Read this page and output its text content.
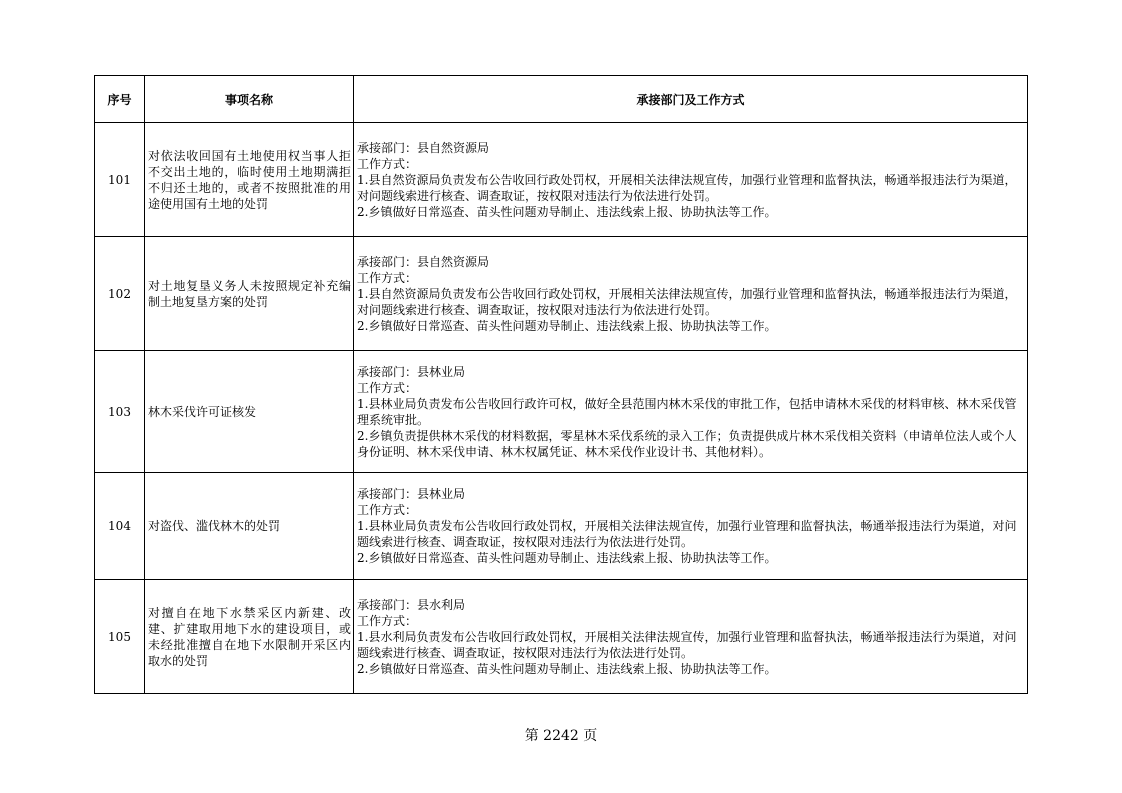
序号	事项名称	承接部门及工作方式
101	对依法收回国有土地使用权当事人拒不交出土地的，临时使用土地期满拒不归还土地的，或者不按照批准的用途使用国有土地的处罚	承接部门：县自然资源局
工作方式：
1.县自然资源局负责发布公告收回行政处罚权，开展相关法律法规宣传，加强行业管理和监督执法，畅通举报违法行为渠道，对问题线索进行核查、调查取证，按权限对违法行为依法进行处罚。
2.乡镇做好日常巡查、苗头性问题劝导制止、违法线索上报、协助执法等工作。

102	对土地复垦义务人未按照规定补充编制土地复垦方案的处罚	承接部门：县自然资源局
工作方式：
1.县自然资源局负责发布公告收回行政处罚权，开展相关法律法规宣传，加强行业管理和监督执法，畅通举报违法行为渠道，对问题线索进行核查、调查取证，按权限对违法行为依法进行处罚。
2.乡镇做好日常巡查、苗头性问题劝导制止、违法线索上报、协助执法等工作。

103	林木采伐许可证核发	承接部门：县林业局
工作方式：
1.县林业局负责发布公告收回行政许可权，做好全县范围内林木采伐的审批工作，包括申请林木采伐的材料审核、林木采伐管理系统审批。
2.乡镇负责提供林木采伐的材料数据，零星林木采伐系统的录入工作；负责提供成片林木采伐相关资料（申请单位法人或个人身份证明、林木采伐申请、林木权属凭证、林木采伐作业设计书、其他材料）。

104	对盗伐、滥伐林木的处罚	承接部门：县林业局
工作方式：
1.县林业局负责发布公告收回行政处罚权，开展相关法律法规宣传，加强行业管理和监督执法，畅通举报违法行为渠道，对问题线索进行核查、调查取证，按权限对违法行为依法进行处罚。
2.乡镇做好日常巡查、苗头性问题劝导制止、违法线索上报、协助执法等工作。

105	对擅自在地下水禁采区内新建、改建、扩建取用地下水的建设项目，或未经批准擅自在地下水限制开采区内取水的处罚	承接部门：县水利局
工作方式：
1.县水利局负责发布公告收回行政处罚权，开展相关法律法规宣传，加强行业管理和监督执法，畅通举报违法行为渠道，对问题线索进行核查、调查取证，按权限对违法行为依法进行处罚。
2.乡镇做好日常巡查、苗头性问题劝导制止、违法线索上报、协助执法等工作。
第 2242 页
